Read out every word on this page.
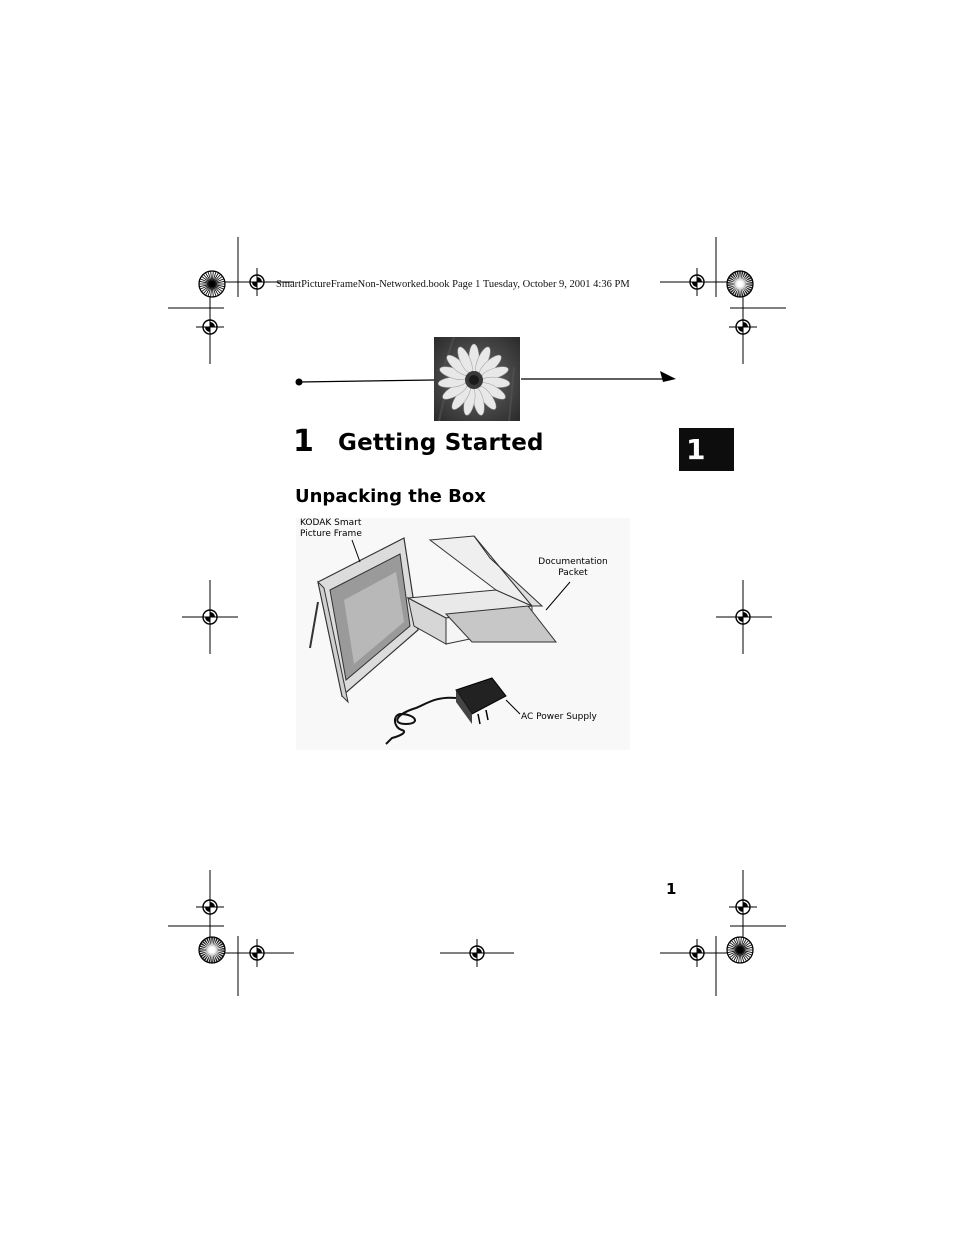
SmartPictureFrameNon-Networked.book Page 1 Tuesday, October 9, 2001 4:36 PM
1 Getting Started	1
Unpacking the Box
KODAK Smart
Picture Frame
Documentation
Packet
AC Power Supply
1
